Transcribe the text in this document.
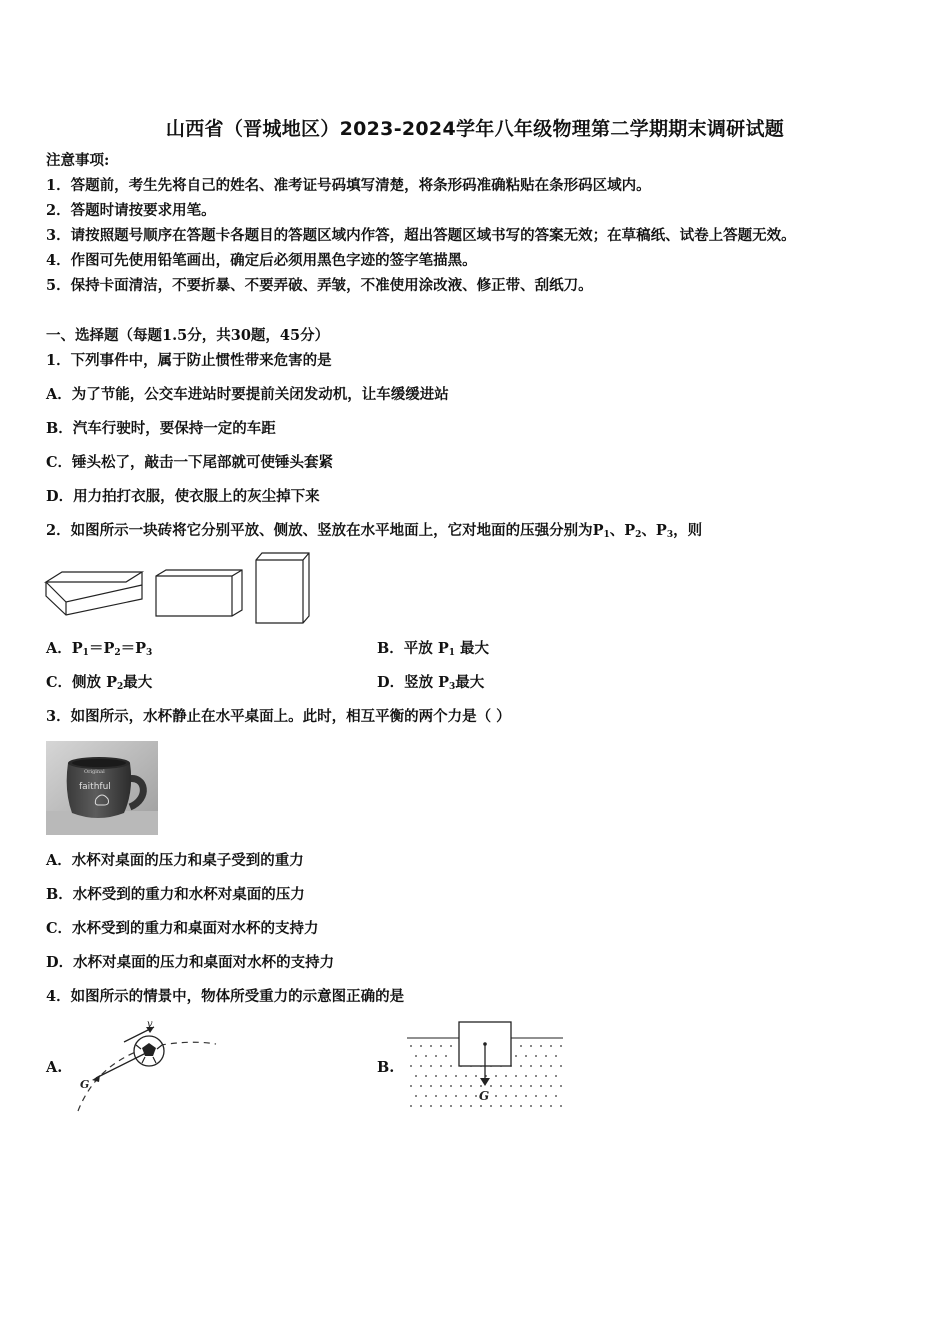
山西省（晋城地区）2023-2024学年八年级物理第二学期期末调研试题
注意事项:
1．答题前，考生先将自己的姓名、准考证号码填写清楚，将条形码准确粘贴在条形码区域内。
2．答题时请按要求用笔。
3．请按照题号顺序在答题卡各题目的答题区域内作答，超出答题区域书写的答案无效；在草稿纸、试卷上答题无效。
4．作图可先使用铅笔画出，确定后必须用黑色字迹的签字笔描黑。
5．保持卡面清洁，不要折暴、不要弄破、弄皱，不准使用涂改液、修正带、刮纸刀。
一、选择题（每题1.5分，共30题，45分）
1．下列事件中，属于防止惯性带来危害的是
A．为了节能，公交车进站时要提前关闭发动机，让车缓缓进站
B．汽车行驶时，要保持一定的车距
C．锤头松了，敲击一下尾部就可使锤头套紧
D．用力拍打衣服，使衣服上的灰尘掉下来
2．如图所示一块砖将它分别平放、侧放、竖放在水平地面上，它对地面的压强分别为$P_1$、$P_2$、$P_3$，则
A．$P_1=P_2=P_3$	B．平放 $P_1$ 最大
C．侧放 $P_2$最大	D．竖放 $P_3$最大
3．如图所示，水杯静止在水平桌面上。此时，相互平衡的两个力是（ ）
Original
faithful
A．水杯对桌面的压力和桌子受到的重力
B．水杯受到的重力和水杯对桌面的压力
C．水杯受到的重力和桌面对水杯的支持力
D．水杯对桌面的压力和桌面对水杯的支持力
4．如图所示的情景中，物体所受重力的示意图正确的是
A.
v
G
B.
G
